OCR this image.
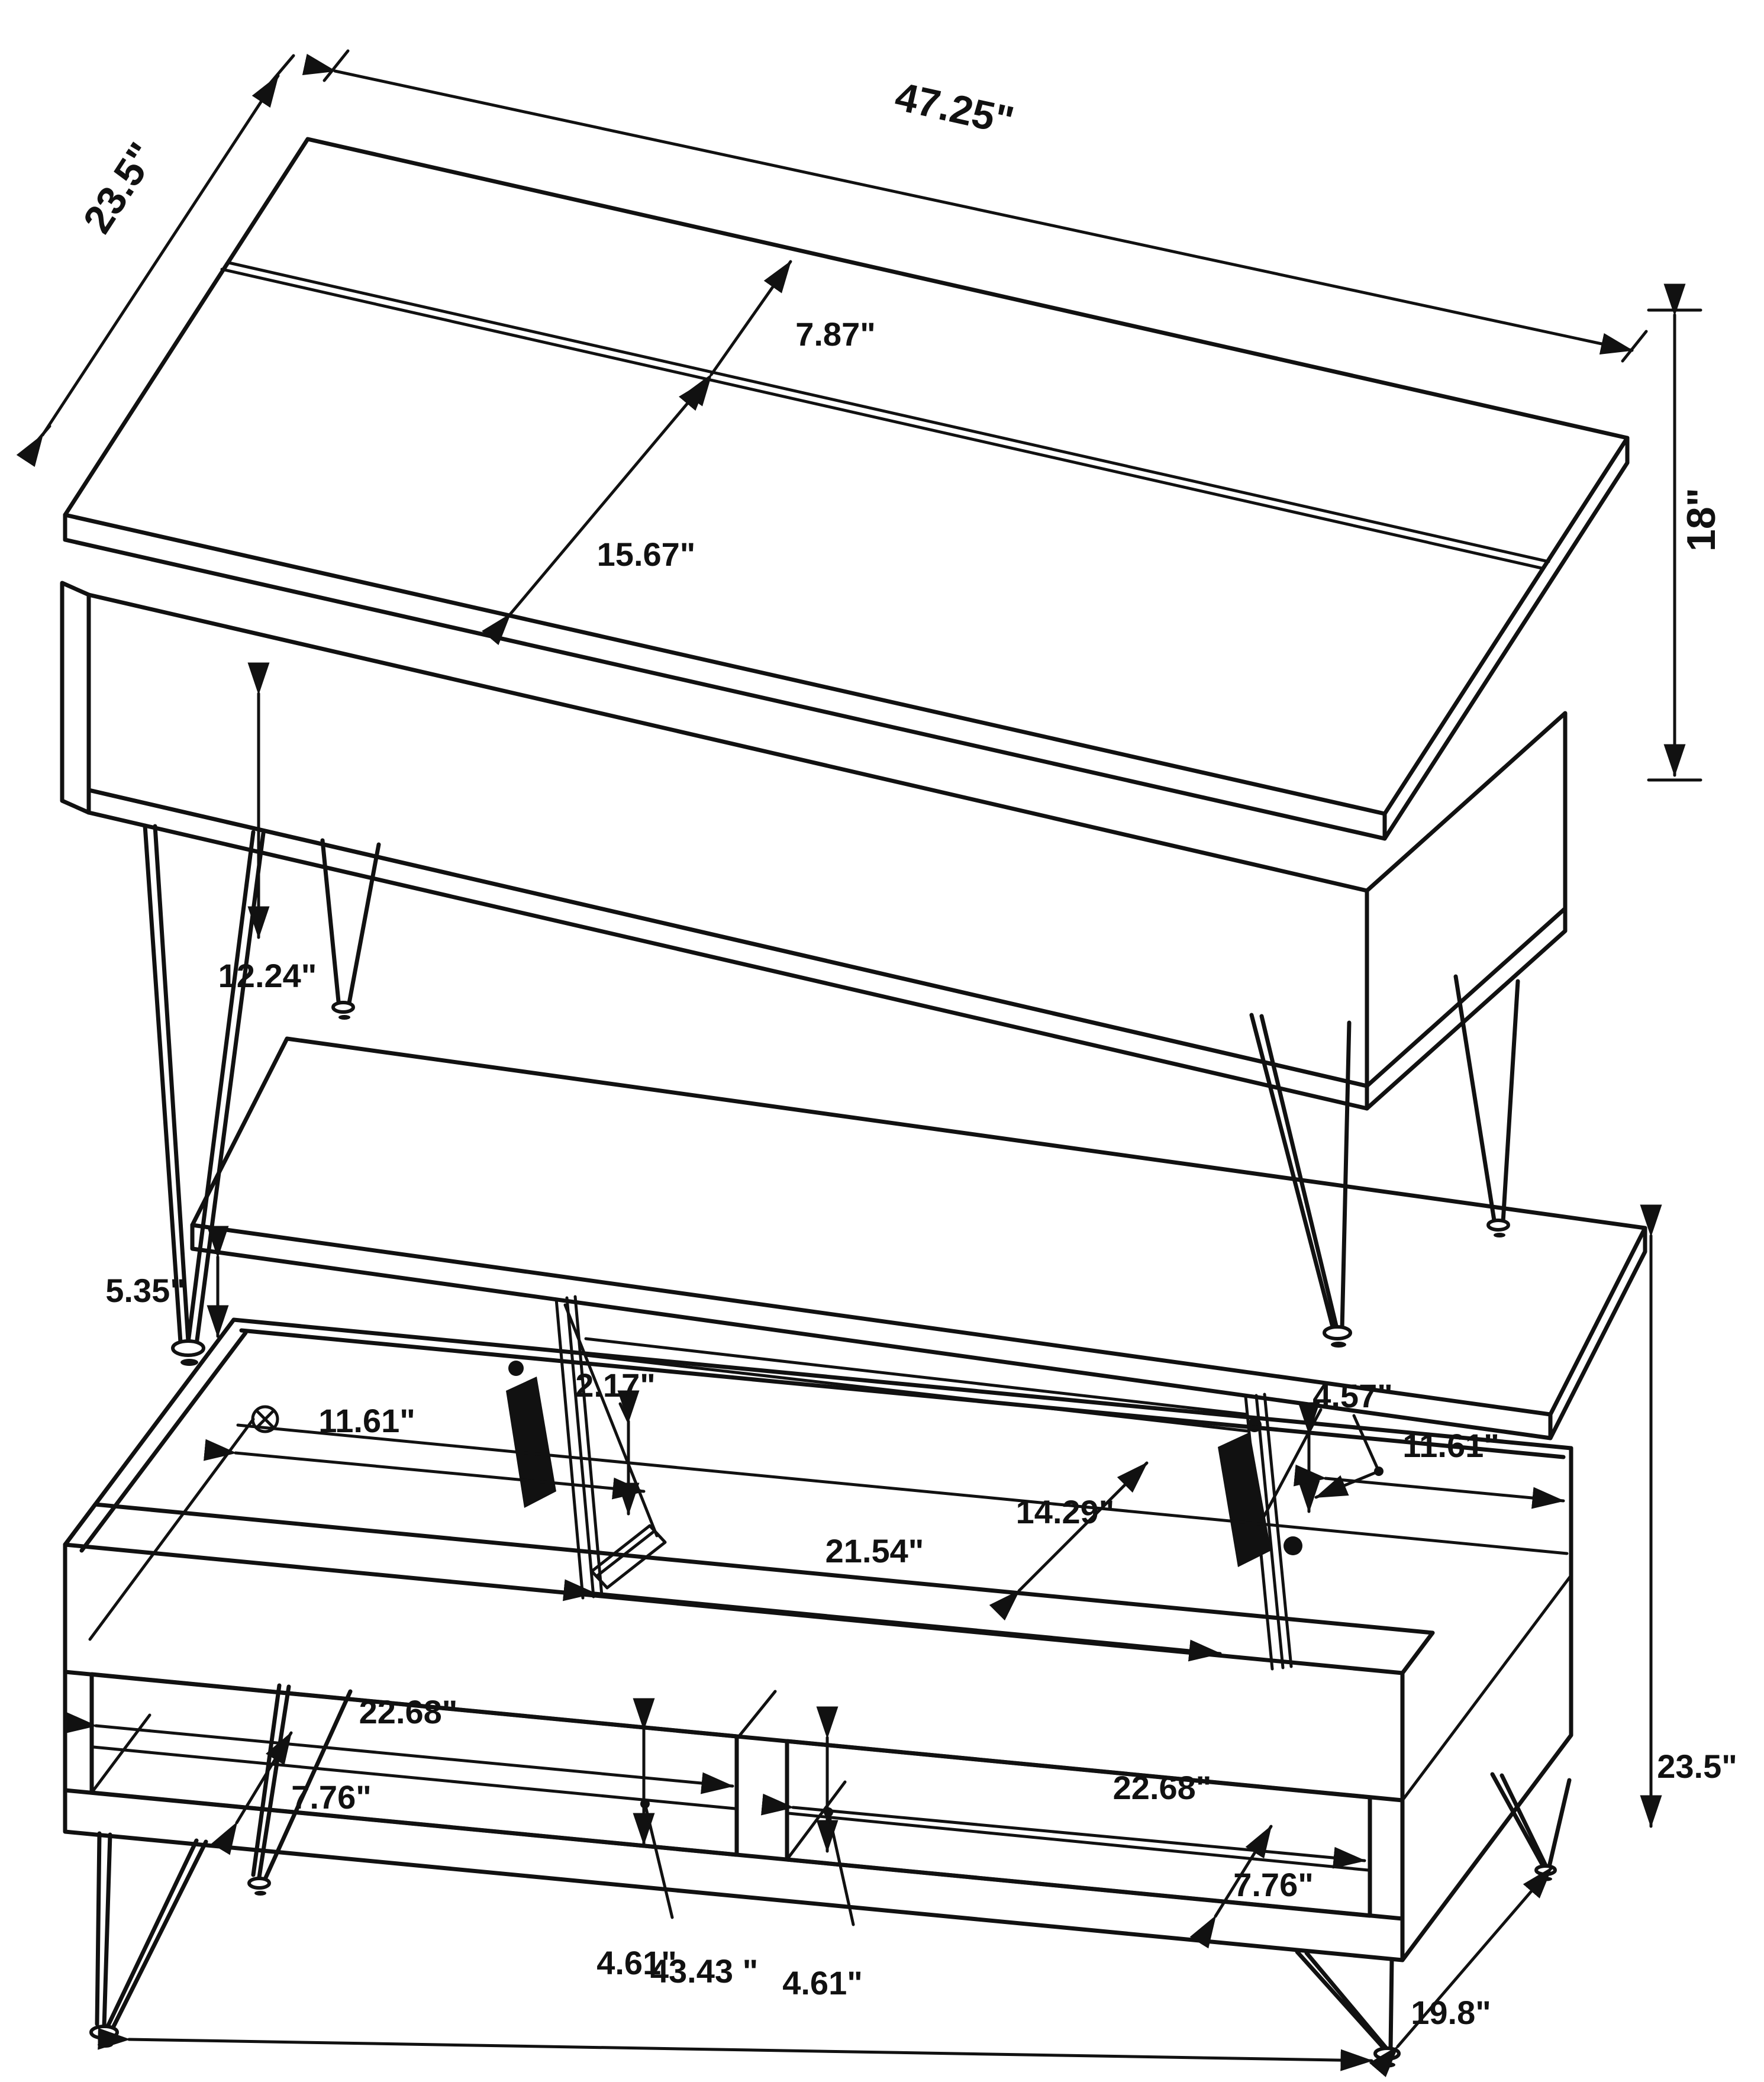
23.5"
47.25"
7.87"
15.67"
18"
12.24"
5.35"
11.61"
2.17"
21.54"
14.29"
4.57"
11.61"
22.68"
7.76"
4.61"
22.68"
7.76"
4.61"
23.5"
43.43 "
19.8"
